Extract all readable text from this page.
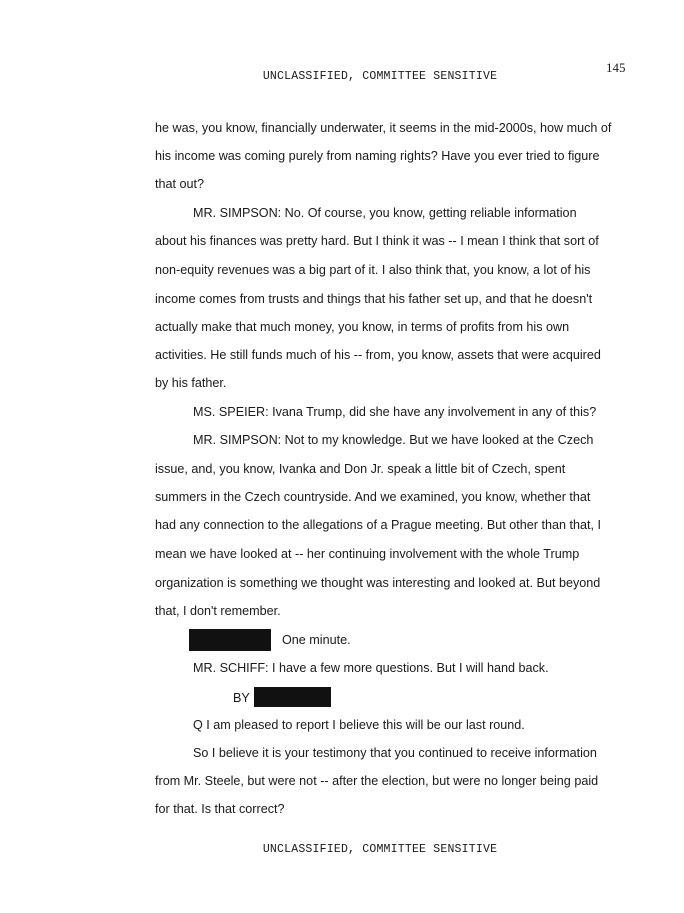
145
UNCLASSIFIED, COMMITTEE SENSITIVE
he was, you know, financially underwater, it seems in the mid-2000s, how much of
his income was coming purely from naming rights? Have you ever tried to figure
that out?
MR. SIMPSON: No. Of course, you know, getting reliable information
about his finances was pretty hard. But I think it was -- I mean I think that sort of
non-equity revenues was a big part of it. I also think that, you know, a lot of his
income comes from trusts and things that his father set up, and that he doesn't
actually make that much money, you know, in terms of profits from his own
activities. He still funds much of his -- from, you know, assets that were acquired
by his father.
MS. SPEIER: Ivana Trump, did she have any involvement in any of this?
MR. SIMPSON: Not to my knowledge. But we have looked at the Czech
issue, and, you know, Ivanka and Don Jr. speak a little bit of Czech, spent
summers in the Czech countryside. And we examined, you know, whether that
had any connection to the allegations of a Prague meeting. But other than that, I
mean we have looked at -- her continuing involvement with the whole Trump
organization is something we thought was interesting and looked at. But beyond
that, I don't remember.
One minute.
MR. SCHIFF: I have a few more questions. But I will hand back.
BY
Q I am pleased to report I believe this will be our last round.
So I believe it is your testimony that you continued to receive information
from Mr. Steele, but were not -- after the election, but were no longer being paid
for that. Is that correct?
UNCLASSIFIED, COMMITTEE SENSITIVE
